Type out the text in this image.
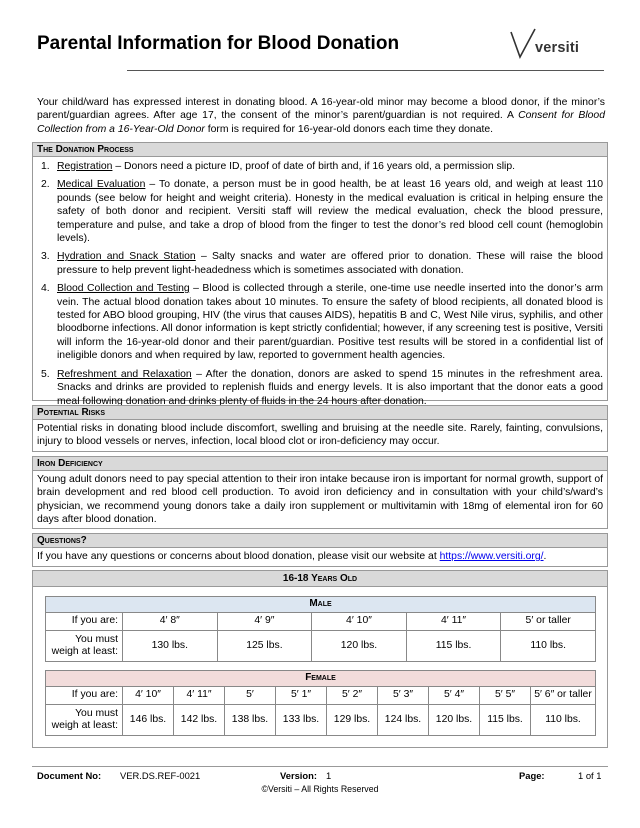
Parental Information for Blood Donation	versiti
Your child/ward has expressed interest in donating blood. A 16-year-old minor may become a blood donor, if the minor’s parent/guardian agrees. After age 17, the consent of the minor’s parent/guardian is not required. A Consent for Blood Collection from a 16-Year-Old Donor form is required for 16-year-old donors each time they donate.
The Donation Process
1. Registration – Donors need a picture ID, proof of date of birth and, if 16 years old, a permission slip.
2. Medical Evaluation – To donate, a person must be in good health, be at least 16 years old, and weigh at least 110 pounds (see below for height and weight criteria). Honesty in the medical evaluation is critical in helping ensure the safety of both donor and recipient. Versiti staff will review the medical evaluation, check the blood pressure, temperature and pulse, and take a drop of blood from the finger to test the donor’s red blood cell count (hemoglobin levels).
3. Hydration and Snack Station – Salty snacks and water are offered prior to donation. These will raise the blood pressure to help prevent light-headedness which is sometimes associated with donation.
4. Blood Collection and Testing – Blood is collected through a sterile, one-time use needle inserted into the donor’s arm vein. The actual blood donation takes about 10 minutes. To ensure the safety of blood recipients, all donated blood is tested for ABO blood grouping, HIV (the virus that causes AIDS), hepatitis B and C, West Nile virus, syphilis, and other bloodborne infections. All donor information is kept strictly confidential; however, if any screening test is positive, Versiti will inform the 16-year-old donor and their parent/guardian. Positive test results will be stored in a confidential list of ineligible donors and when required by law, reported to government health agencies.
5. Refreshment and Relaxation – After the donation, donors are asked to spend 15 minutes in the refreshment area. Snacks and drinks are provided to replenish fluids and energy levels. It is also important that the donor eats a good meal following donation and drinks plenty of fluids in the 24 hours after donation.
Potential Risks
Potential risks in donating blood include discomfort, swelling and bruising at the needle site. Rarely, fainting, convulsions, injury to blood vessels or nerves, infection, local blood clot or iron-deficiency may occur.
Iron Deficiency
Young adult donors need to pay special attention to their iron intake because iron is important for normal growth, support of brain development and red blood cell production. To avoid iron deficiency and in consultation with your child’s/ward’s physician, we recommend young donors take a daily iron supplement or multivitamin with 18mg of elemental iron for 60 days after blood donation.
Questions?
If you have any questions or concerns about blood donation, please visit our website at https://www.versiti.org/.
16-18 Years Old
Male					
If you are:	4′ 8″	4′ 9″	4′ 10″	4′ 11″	5′ or taller
You must weigh at least:	130 lbs.	125 lbs.	120 lbs.	115 lbs.	110 lbs.
Female									
If you are:	4′ 10″	4′ 11″	5′	5′ 1″	5′ 2″	5′ 3″	5′ 4″	5′ 5″	5′ 6″ or taller
You must weigh at least:	146 lbs.	142 lbs.	138 lbs.	133 lbs.	129 lbs.	124 lbs.	120 lbs.	115 lbs.	110 lbs.
Document No: VER.DS.REF-0021	Version: 1	Page:	1 of 1
©Versiti – All Rights Reserved
